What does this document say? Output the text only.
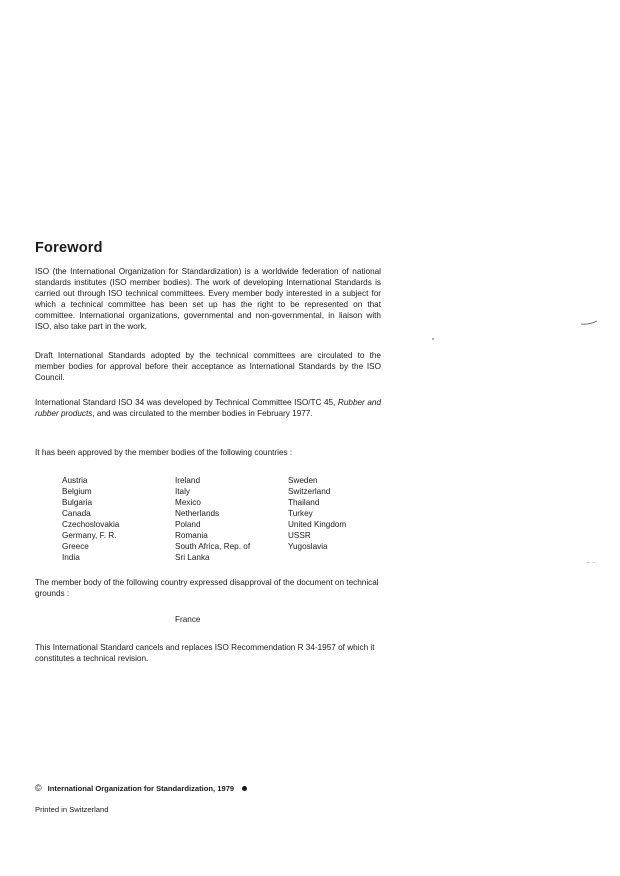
Foreword
ISO (the International Organization for Standardization) is a worldwide federation of national standards institutes (ISO member bodies). The work of developing International Standards is carried out through ISO technical committees. Every member body interested in a subject for which a technical committee has been set up has the right to be represented on that committee. International organizations, governmental and non-governmental, in liaison with ISO, also take part in the work.
Draft International Standards adopted by the technical committees are circulated to the member bodies for approval before their acceptance as International Standards by the ISO Council.
International Standard ISO 34 was developed by Technical Committee ISO/TC 45, Rubber and rubber products, and was circulated to the member bodies in February 1977.
It has been approved by the member bodies of the following countries :
Austria
Belgium
Bulgaria
Canada
Czechoslovakia
Germany, F. R.
Greece
India
Ireland
Italy
Mexico
Netherlands
Poland
Romania
South Africa, Rep. of
Sri Lanka
Sweden
Switzerland
Thailand
Turkey
United Kingdom
USSR
Yugoslavia
The member body of the following country expressed disapproval of the document on technical grounds :
France
This International Standard cancels and replaces ISO Recommendation R 34-1957 of which it constitutes a technical revision.
© International Organization for Standardization, 1979
Printed in Switzerland
